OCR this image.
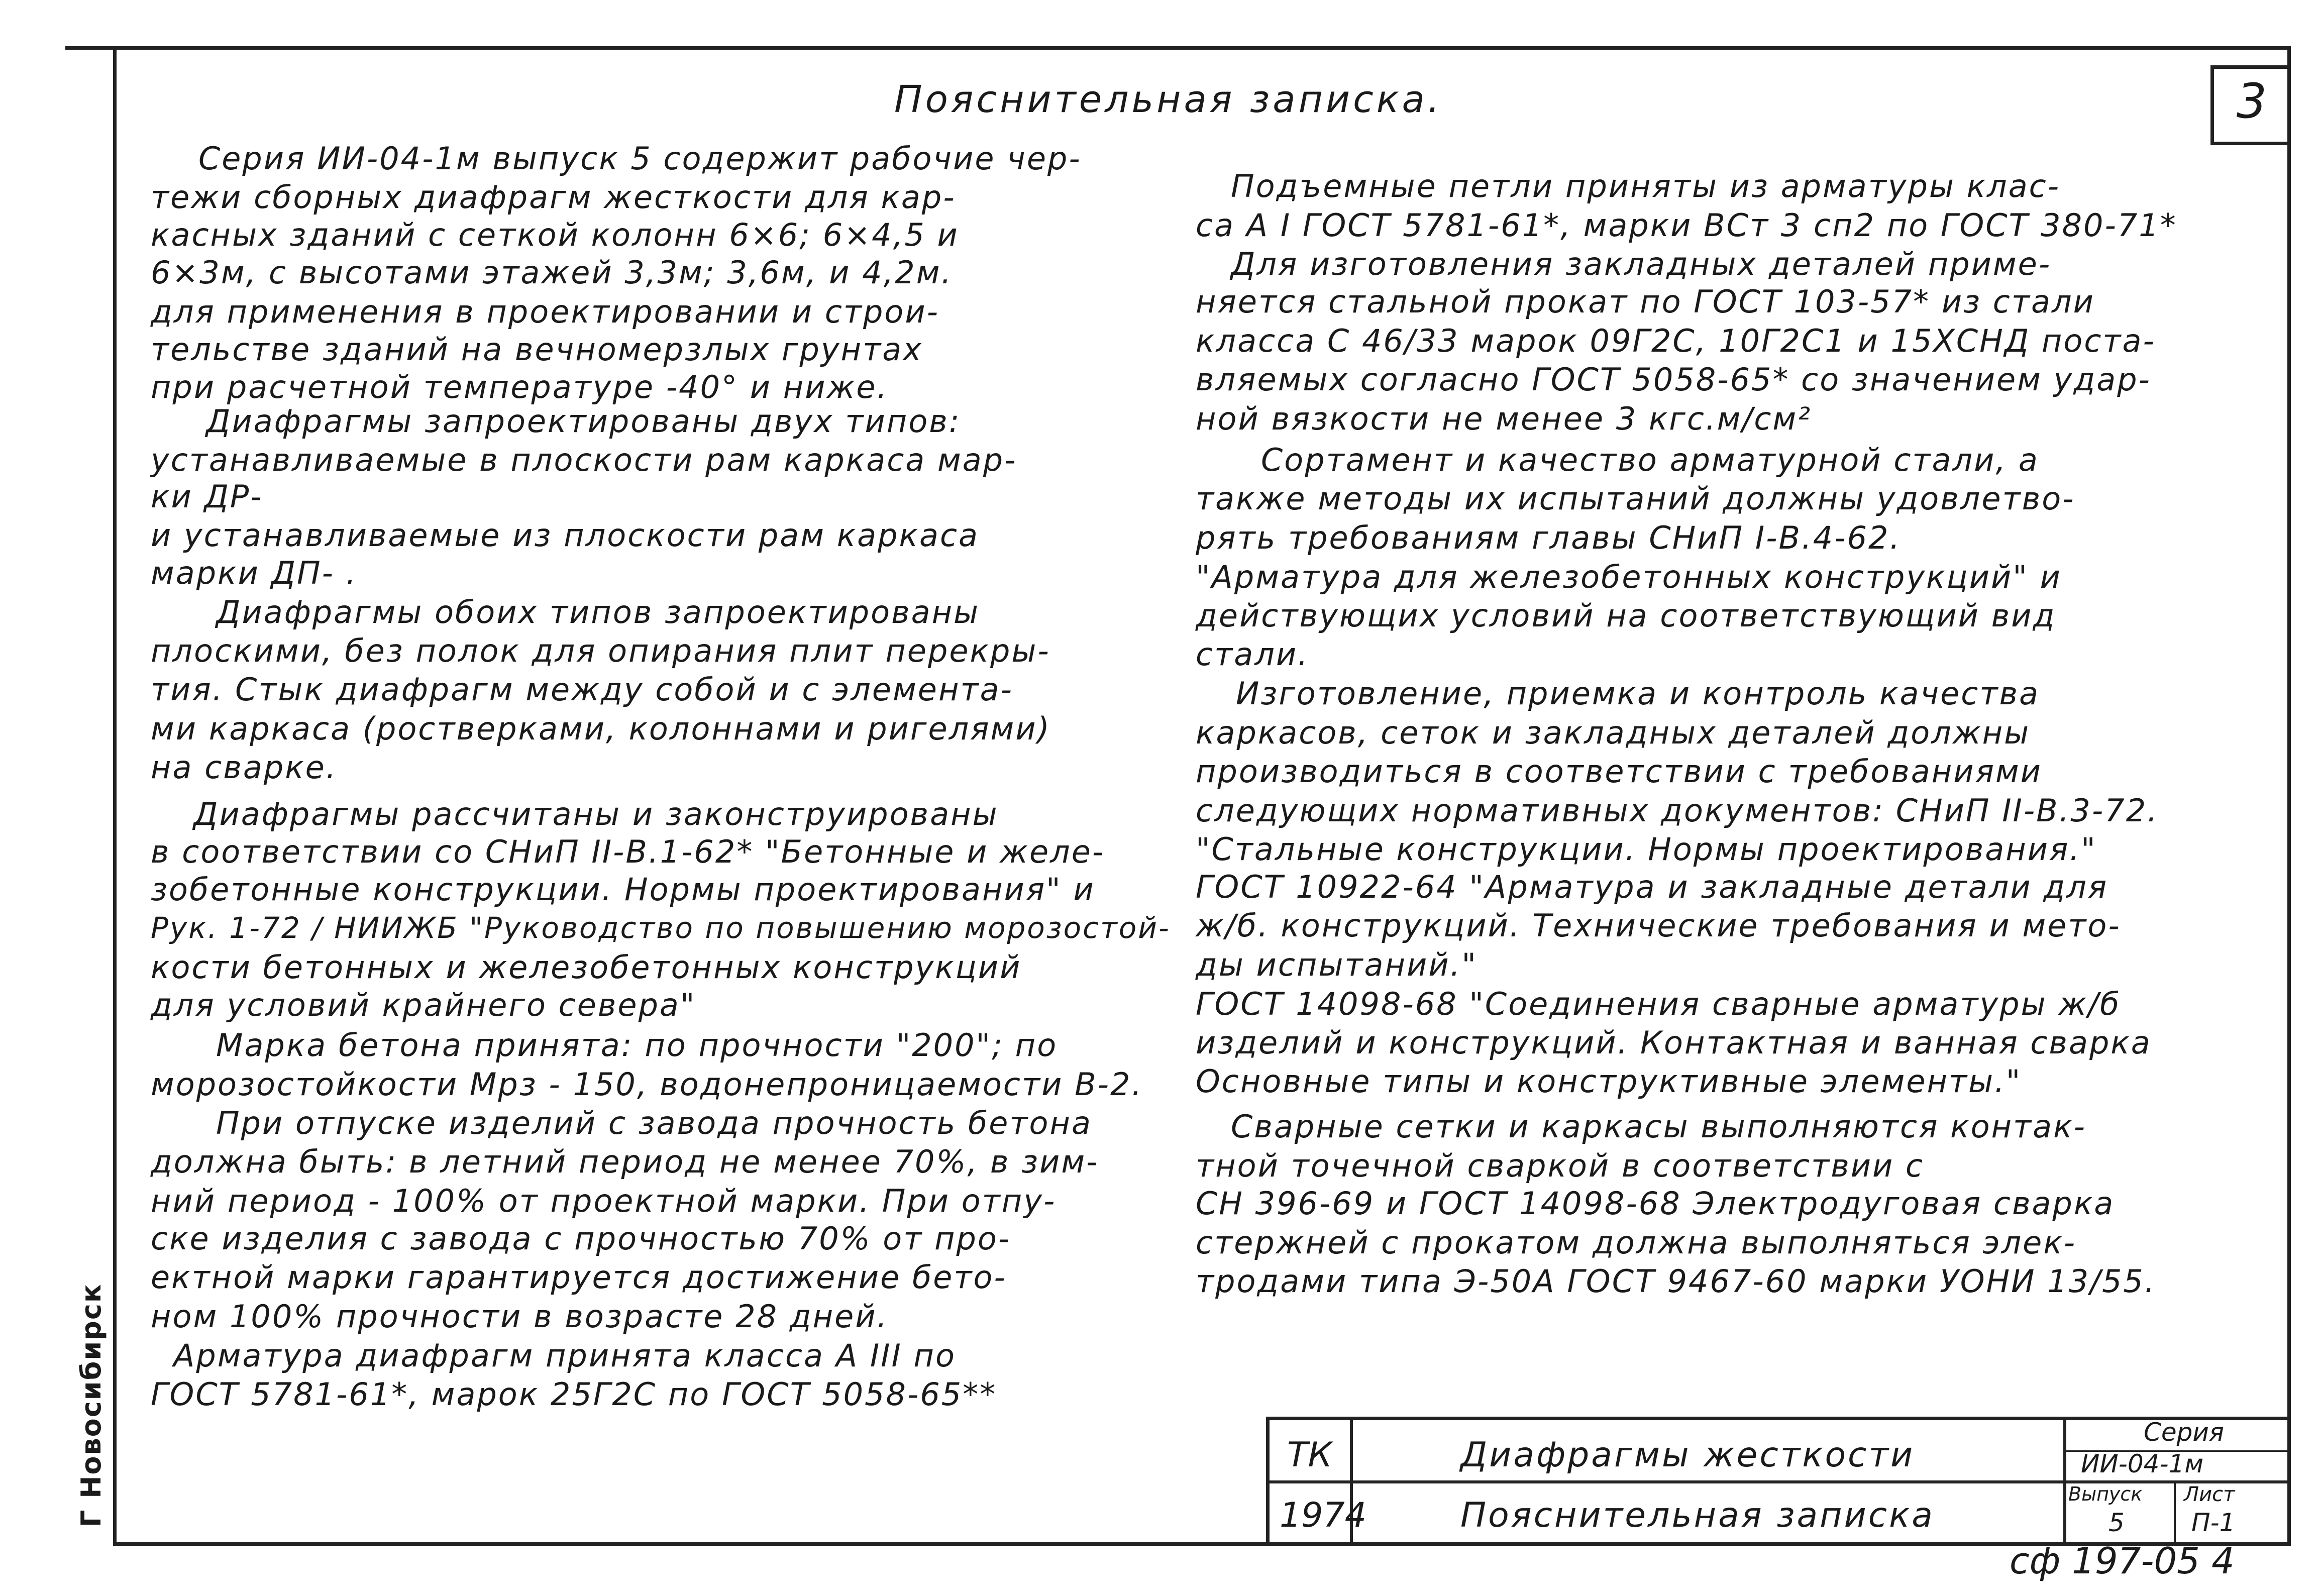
3
Пояснительная записка.
Серия ИИ-04-1м выпуск 5 содержит рабочие чер-
тежи сборных диафрагм жесткости для кар-
касных зданий с сеткой колонн 6×6; 6×4,5 и
6×3м, с высотами этажей 3,3м; 3,6м, и 4,2м.
для применения в проектировании и строи-
тельстве зданий на вечномерзлых грунтах
при расчетной температуре -40° и ниже.
Диафрагмы запроектированы двух типов:
устанавливаемые в плоскости рам каркаса мар-
ки ДР-
и устанавливаемые из плоскости рам каркаса
марки ДП- .
Диафрагмы обоих типов запроектированы
плоскими, без полок для опирания плит перекры-
тия. Стык диафрагм между собой и с элемента-
ми каркаса (ростверками, колоннами и ригелями)
на сварке.
Диафрагмы рассчитаны и законструированы
в соответствии со СНиП II-В.1-62* "Бетонные и желе-
зобетонные конструкции. Нормы проектирования" и
Рук. 1-72 / НИИЖБ "Руководство по повышению морозостой-
кости бетонных и железобетонных конструкций
для условий крайнего севера"
Марка бетона принята: по прочности "200"; по
морозостойкости Мрз - 150, водонепроницаемости В-2.
При отпуске изделий с завода прочность бетона
должна быть: в летний период не менее 70%, в зим-
ний период - 100% от проектной марки. При отпу-
ске изделия с завода с прочностью 70% от про-
ектной марки гарантируется достижение бето-
ном 100% прочности в возрасте 28 дней.
Арматура диафрагм принята класса А III по
ГОСТ 5781-61*, марок 25Г2С по ГОСТ 5058-65**
Подъемные петли приняты из арматуры клас-
са А I ГОСТ 5781-61*, марки ВСт 3 сп2 по ГОСТ 380-71*
Для изготовления закладных деталей приме-
няется стальной прокат по ГОСТ 103-57* из стали
класса С 46/33 марок 09Г2С, 10Г2С1 и 15ХСНД поста-
вляемых согласно ГОСТ 5058-65* со значением удар-
ной вязкости не менее 3 кгс.м/см²
Сортамент и качество арматурной стали, а
также методы их испытаний должны удовлетво-
рять требованиям главы СНиП I-В.4-62.
"Арматура для железобетонных конструкций" и
действующих условий на соответствующий вид
стали.
Изготовление, приемка и контроль качества
каркасов, сеток и закладных деталей должны
производиться в соответствии с требованиями
следующих нормативных документов: СНиП II-В.3-72.
"Стальные конструкции. Нормы проектирования."
ГОСТ 10922-64 "Арматура и закладные детали для
ж/б. конструкций. Технические требования и мето-
ды испытаний."
ГОСТ 14098-68 "Соединения сварные арматуры ж/б
изделий и конструкций. Контактная и ванная сварка
Основные типы и конструктивные элементы."
Сварные сетки и каркасы выполняются контак-
тной точечной сваркой в соответствии с
СН 396-69 и ГОСТ 14098-68 Электродуговая сварка
стержней с прокатом должна выполняться элек-
тродами типа Э-50А ГОСТ 9467-60 марки УОНИ 13/55.
Г Новосибирск	ТК
1974
Диафрагмы жесткости
Пояснительная записка
Серия
ИИ-04-1м
Выпуск
5
Лист
П-1
сф 197-05 4
